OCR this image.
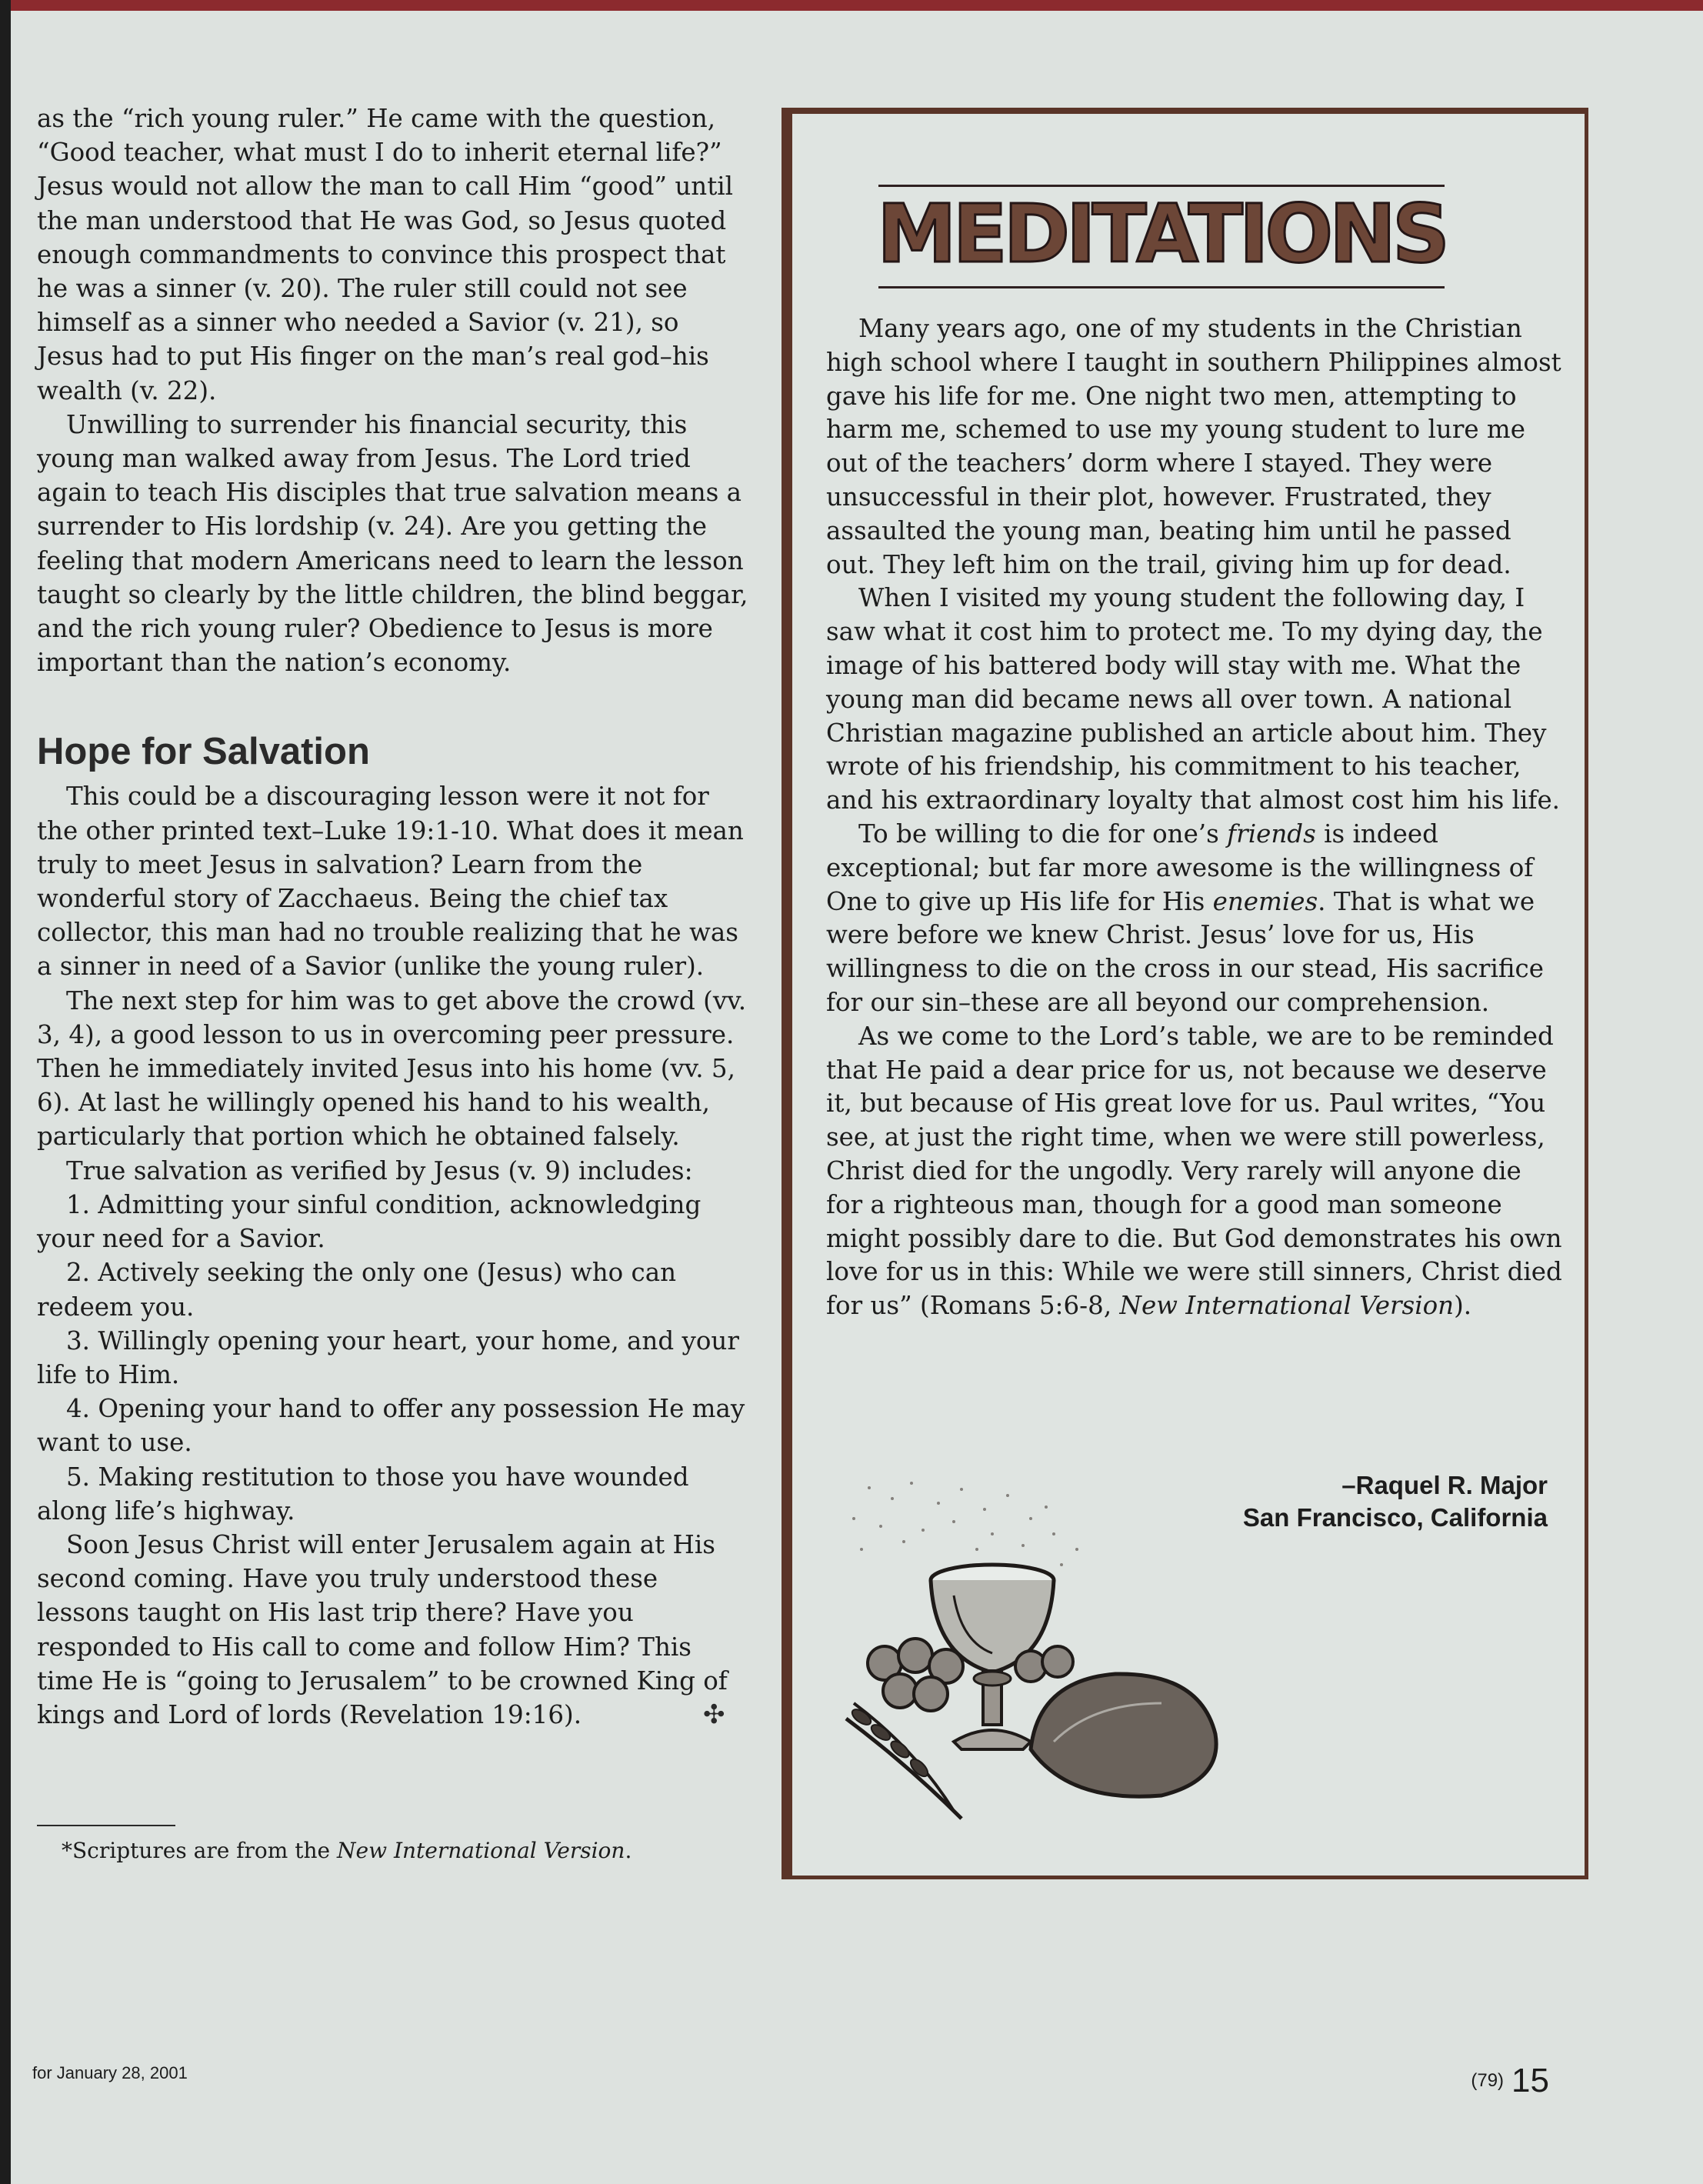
as the “rich young ruler.” He came with the question, “Good teacher, what must I do to inherit eternal life?” Jesus would not allow the man to call Him “good” until the man understood that He was God, so Jesus quoted enough commandments to convince this prospect that he was a sinner (v. 20). The ruler still could not see himself as a sinner who needed a Savior (v. 21), so Jesus had to put His finger on the man’s real god–his wealth (v. 22).

Unwilling to surrender his financial security, this young man walked away from Jesus. The Lord tried again to teach His disciples that true salvation means a surrender to His lordship (v. 24). Are you getting the feeling that modern Americans need to learn the lesson taught so clearly by the little children, the blind beggar, and the rich young ruler? Obedience to Jesus is more important than the nation’s economy.

Hope for Salvation

This could be a discouraging lesson were it not for the other printed text–Luke 19:1-10. What does it mean truly to meet Jesus in salvation? Learn from the wonderful story of Zacchaeus. Being the chief tax collector, this man had no trouble realizing that he was a sinner in need of a Savior (unlike the young ruler).

The next step for him was to get above the crowd (vv. 3, 4), a good lesson to us in overcoming peer pressure. Then he immediately invited Jesus into his home (vv. 5, 6). At last he willingly opened his hand to his wealth, particularly that portion which he obtained falsely.

True salvation as verified by Jesus (v. 9) includes:

1. Admitting your sinful condition, acknowledging your need for a Savior.

2. Actively seeking the only one (Jesus) who can redeem you.

3. Willingly opening your heart, your home, and your life to Him.

4. Opening your hand to offer any possession He may want to use.

5. Making restitution to those you have wounded along life’s highway.

Soon Jesus Christ will enter Jerusalem again at His second coming. Have you truly understood these lessons taught on His last trip there? Have you responded to His call to come and follow Him? This time He is “going to Jerusalem” to be crowned King of kings and Lord of lords (Revelation 19:16).	✣

*Scriptures are from the New International Version.
MEDITATIONS

Many years ago, one of my students in the Christian high school where I taught in southern Philippines almost gave his life for me. One night two men, attempting to harm me, schemed to use my young student to lure me out of the teachers’ dorm where I stayed. They were unsuccessful in their plot, however. Frustrated, they assaulted the young man, beating him until he passed out. They left him on the trail, giving him up for dead.

When I visited my young student the following day, I saw what it cost him to protect me. To my dying day, the image of his battered body will stay with me. What the young man did became news all over town. A national Christian magazine published an article about him. They wrote of his friendship, his commitment to his teacher, and his extraordinary loyalty that almost cost him his life.

To be willing to die for one’s friends is indeed exceptional; but far more awesome is the willingness of One to give up His life for His enemies. That is what we were before we knew Christ. Jesus’ love for us, His willingness to die on the cross in our stead, His sacrifice for our sin–these are all beyond our comprehension.

As we come to the Lord’s table, we are to be reminded that He paid a dear price for us, not because we deserve it, but because of His great love for us. Paul writes, “You see, at just the right time, when we were still powerless, Christ died for the ungodly. Very rarely will anyone die for a righteous man, though for a good man someone might possibly dare to die. But God demonstrates his own love for us in this: While we were still sinners, Christ died for us” (Romans 5:6-8, New International Version).

–Raquel R. Major
San Francisco, California
for January 28, 2001	(79) 15
